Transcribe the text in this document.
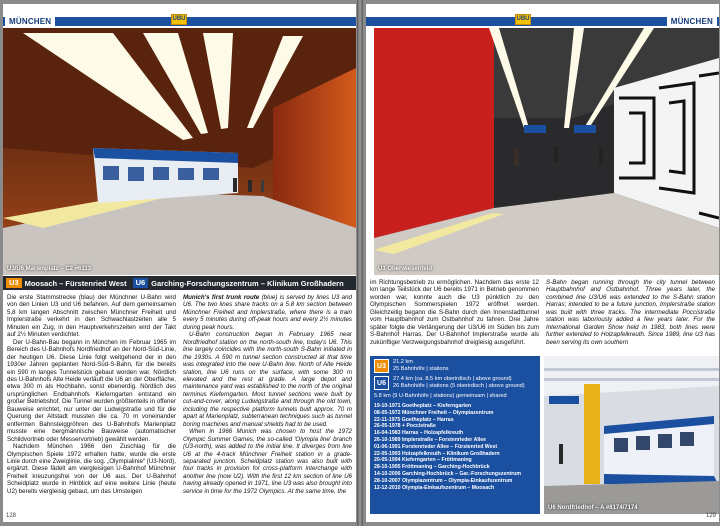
MÜNCHEN	UBU
U3/U6 Marienplatz – C2 #6113
U3 Moosach – Fürstenried West	U6 Garching-Forschungszentrum – Klinikum Großhadern

Die erste Stammstrecke (blau) der Münchner U-Bahn wird von den Linien U3 und U6 befahren. Auf dem gemeinsamen 5,8 km langen Abschnitt zwischen Münchner Freiheit und Implerstraße verkehrt in den Schwachlastzeiten alle 5 Minuten ein Zug, in den Hauptverkehrszeiten wird der Takt auf 2½ Minuten verdichtet.

Der U-Bahn-Bau begann in München im Februar 1965 im Bereich des U-Bahnhofs Nordfriedhof an der Nord-Süd-Linie, der heutigen U6. Diese Linie folgt weitgehend der in den 1930er Jahren geplanten Nord-Süd-S-Bahn, für die bereits ein 590 m langes Tunnelstück gebaut worden war. Nördlich des U-Bahnhofs Alte Heide verläuft die U6 an der Oberfläche, etwa 300 m als Hochbahn, sonst ebenerdig. Nördlich des ursprünglichen Endbahnhofs Kieferngarten entstand ein großer Betriebshof. Die Tunnel wurden größtenteils in offener Bauweise errichtet, nur unter der Ludwigstraße und für die Querung der Altstadt mussten die ca. 70 m voneinander entfernten Bahnsteiggröhren des U-Bahnhofs Marienplatz musste eine bergmännische Bauweise (automatischer Schildvortrieb oder Messervortrieb) gewählt werden.

Nachdem München 1966 den Zuschlag für die Olympischen Spiele 1972 erhalten hatte, wurde die erste Linie durch eine Zweiglinie, die sog. „Olympialinie“ (U3-Nord), ergänzt. Diese fädelt am viergleisigen U-Bahnhof Münchner Freiheit kreuzungsfrei von der U6 aus. Der U-Bahnhof Scheidplatz wurde in Hinblick auf eine weitere Linie (heute U2) bereits viergleisig gebaut, um das Umsteigen

Munich's first trunk route (blue) is served by lines U3 and U6. The two lines share tracks on a 5.8 km section between Münchner Freiheit and Implerstraße, where there is a train every 5 minutes during off-peak hours and every 2½ minutes during peak hours.

U-Bahn construction began in February 1965 near Nordfriedhof station on the north-south line, today's U6. This line largely coincides with the north-south S-Bahn initiated in the 1930s. A 590 m tunnel section constructed at that time was integrated into the new U-Bahn line. North of Alte Heide station, line U6 runs on the surface, with some 300 m elevated and the rest at grade. A large depot and maintenance yard was established to the north of the original terminus Kieferngarten. Most tunnel sections were built by cut-and-cover; along Ludwigstraße and through the old town, including the respective platform tunnels built approx. 70 m apart at Marienplatz, subterranean techniques such as tunnel boring machines and manual shields had to be used.

When in 1966 Munich was chosen to host the 1972 Olympic Summer Games, the so-called 'Olympia line' branch (U3-north), was added to the initial line. It diverges from line U6 at the 4-track Münchner Freiheit station in a grade-separated junction. Scheidplatz station was also built with four tracks in provision for cross-platform interchange with another line (now U2). With the first 12 km section of line U6 having already opened in 1971, line U3 was also brought into service in time for the 1972 Olympics. At the same time, the

128
UBU	MÜNCHEN
U3 Oberwiesenfeld

im Richtungsbetrieb zu ermöglichen. Nachdem das erste 12 km lange Teilstück der U6 bereits 1971 in Betrieb genommen worden war, konnte auch die U3 pünktlich zu den Olympischen Sommerspielen 1972 eröffnet werden. Gleichzeitig begann die S-Bahn durch den Innenstadttunnel vom Hauptbahnhof zum Ostbahnhof zu fahren. Drei Jahre später folgte die Verlängerung der U3/U6 im Süden bis zum S-Bahnhof Harras. Der U-Bahnhof Implerstraße wurde als zukünftiger Verzweigungsbahnhof dreigleisig ausgeführt.

S-Bahn began running through the city tunnel between Hauptbahnhof and Ostbahnhof. Three years later, the combined line U3/U6 was extended to the S-Bahn station Harras; intended to be a future junction, Implerstraße station was built with three tracks. The intermediate Poccistraße station was laboriously added a few years later. For the International Garden Show held in 1983, both lines were further extended to Holzapfelkreuth. Since 1989, line U3 has been serving its own southern

U3
21.2 km
25 Bahnhöfe | stations
U6
27.4 km (ca. 8.5 km oberirdisch | above ground)
26 Bahnhöfe | stations (5 oberirdisch | above ground)
5.8 km (9 U-Bahnhöfe | stations) gemeinsam | shared
19-10-1971 Goetheplatz – Kieferngarten
08-05-1972 Münchner Freiheit – Olympiazentrum
22-11-1975 Goetheplatz – Harras
26-05-1978 + Poccistraße
16-04-1983 Harras – Holzapfelkreuth
26-10-1989 Implerstraße – Forstenrieder Allee
01-06-1991 Forstenrieder Allee – Fürstenried West
22-05-1993 Holzapfelkreuth – Klinikum Großhadern
20-05-1994 Kieferngarten – Fröttmaning
28-10-1995 Fröttmaning – Garching-Hochbrück
14-10-2006 Garching-Hochbrück – Gar.-Forschungszentrum
28-10-2007 Olympiazentrum – Olympia-Einkaufszentrum
12-12-2010 Olympia-Einkaufszentrum – Moosach
U6 Nordfriedhof – A #8174/7174
129
